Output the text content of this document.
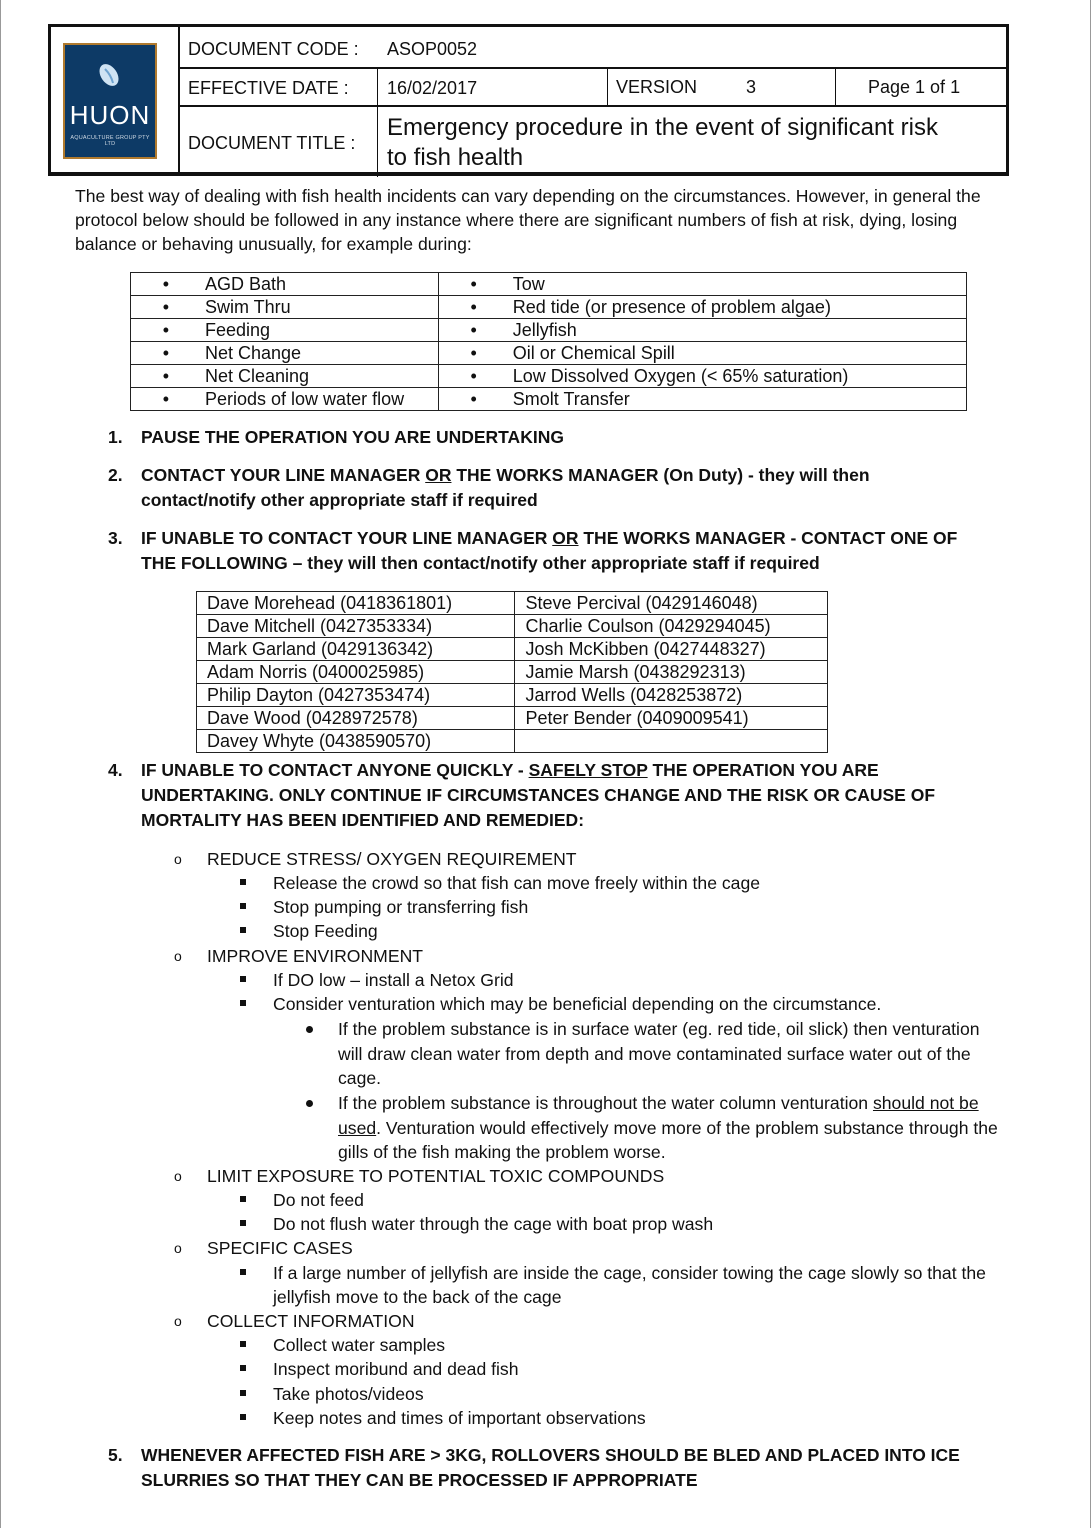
HUON
AQUACULTURE GROUP PTY LTD
DOCUMENT CODE : ASOP0052
EFFECTIVE DATE : 16/02/2017	VERSION	3	Page 1 of 1
DOCUMENT TITLE :
Emergency procedure in the event of significant risk
to fish health
The best way of dealing with fish health incidents can vary depending on the circumstances. However, in general the
protocol below should be followed in any instance where there are significant numbers of fish at risk, dying, losing
balance or behaving unusually, for example during:
• AGD Bath	• Tow
• Swim Thru	• Red tide (or presence of problem algae)
• Feeding	• Jellyfish
• Net Change	• Oil or Chemical Spill
• Net Cleaning	• Low Dissolved Oxygen (< 65% saturation)
• Periods of low water flow	• Smolt Transfer
1.	PAUSE THE OPERATION YOU ARE UNDERTAKING
2.	CONTACT YOUR LINE MANAGER OR THE WORKS MANAGER (On Duty) - they will then
contact/notify other appropriate staff if required
3.	IF UNABLE TO CONTACT YOUR LINE MANAGER OR THE WORKS MANAGER - CONTACT ONE OF
THE FOLLOWING – they will then contact/notify other appropriate staff if required
Dave Morehead (0418361801)	Steve Percival (0429146048)
Dave Mitchell (0427353334)	Charlie Coulson (0429294045)
Mark Garland (0429136342)	Josh McKibben (0427448327)
Adam Norris (0400025985)	Jamie Marsh (0438292313)
Philip Dayton (0427353474)	Jarrod Wells (0428253872)
Dave Wood (0428972578)	Peter Bender (0409009541)
Davey Whyte (0438590570)	
4.	IF UNABLE TO CONTACT ANYONE QUICKLY - SAFELY STOP THE OPERATION YOU ARE
UNDERTAKING. ONLY CONTINUE IF CIRCUMSTANCES CHANGE AND THE RISK OR CAUSE OF
MORTALITY HAS BEEN IDENTIFIED AND REMEDIED:
o REDUCE STRESS/ OXYGEN REQUIREMENT
Release the crowd so that fish can move freely within the cage
Stop pumping or transferring fish
Stop Feeding
o IMPROVE ENVIRONMENT
If DO low – install a Netox Grid
Consider venturation which may be beneficial depending on the circumstance.
If the problem substance is in surface water (eg. red tide, oil slick) then venturation
will draw clean water from depth and move contaminated surface water out of the
cage.
If the problem substance is throughout the water column venturation should not be
used. Venturation would effectively move more of the problem substance through the
gills of the fish making the problem worse.
o LIMIT EXPOSURE TO POTENTIAL TOXIC COMPOUNDS
Do not feed
Do not flush water through the cage with boat prop wash
o SPECIFIC CASES
If a large number of jellyfish are inside the cage, consider towing the cage slowly so that the
jellyfish move to the back of the cage
o COLLECT INFORMATION
Collect water samples
Inspect moribund and dead fish
Take photos/videos
Keep notes and times of important observations
5.	WHENEVER AFFECTED FISH ARE > 3KG, ROLLOVERS SHOULD BE BLED AND PLACED INTO ICE
SLURRIES SO THAT THEY CAN BE PROCESSED IF APPROPRIATE
